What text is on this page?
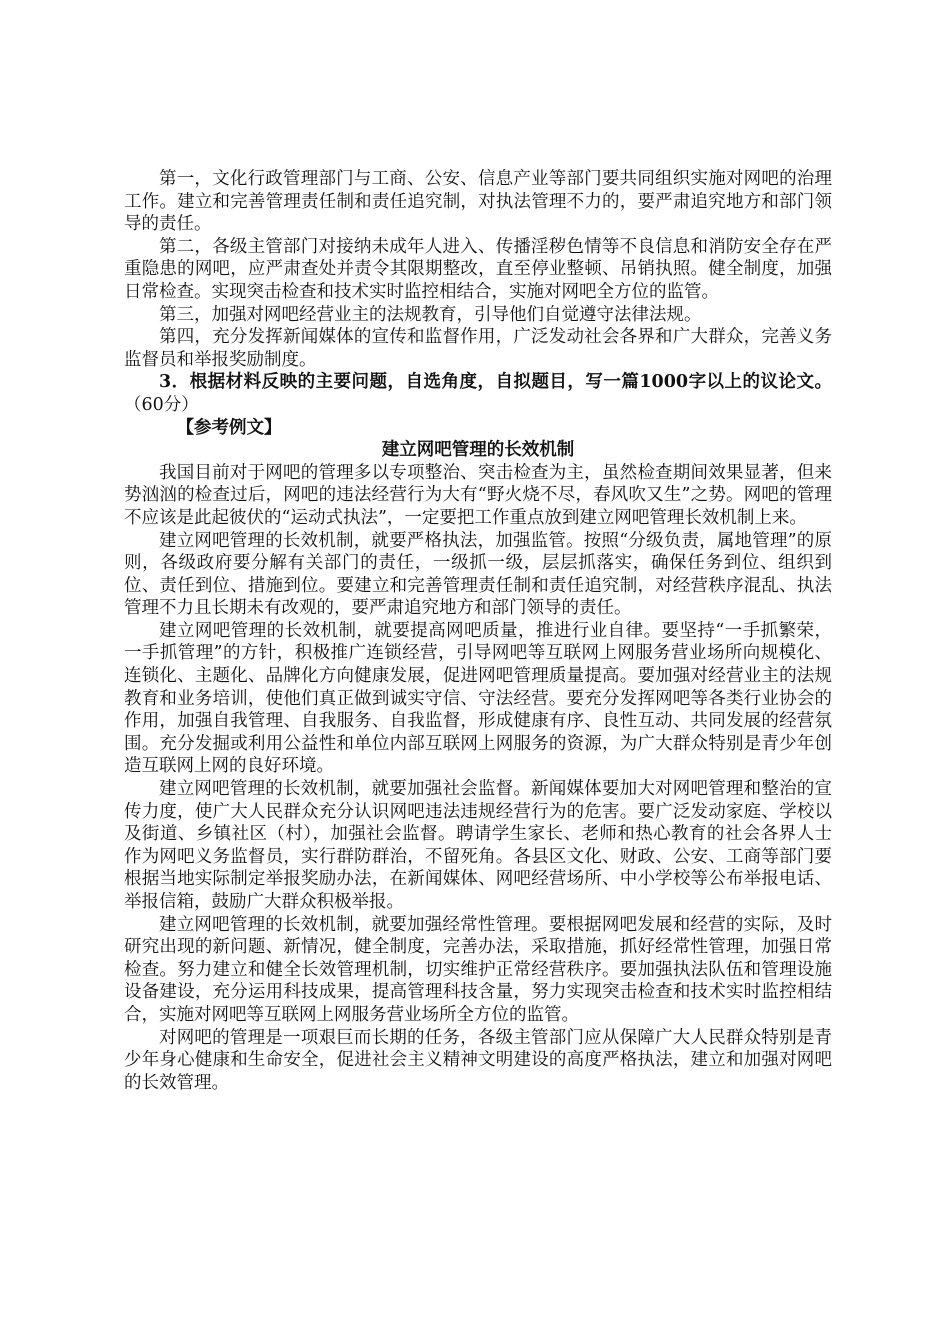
第一，文化行政管理部门与工商、公安、信息产业等部门要共同组织实施对网吧的治理工作。建立和完善管理责任制和责任追究制，对执法管理不力的，要严肃追究地方和部门领导的责任。

第二，各级主管部门对接纳未成年人进入、传播淫秽色情等不良信息和消防安全存在严重隐患的网吧，应严肃查处并责令其限期整改，直至停业整顿、吊销执照。健全制度，加强日常检查。实现突击检查和技术实时监控相结合，实施对网吧全方位的监管。

第三，加强对网吧经营业主的法规教育，引导他们自觉遵守法律法规。

第四，充分发挥新闻媒体的宣传和监督作用，广泛发动社会各界和广大群众，完善义务监督员和举报奖励制度。

3．根据材料反映的主要问题，自选角度，自拟题目，写一篇1000字以上的议论文。（60分）

【参考例文】

建立网吧管理的长效机制

我国目前对于网吧的管理多以专项整治、突击检查为主，虽然检查期间效果显著，但来势汹汹的检查过后，网吧的违法经营行为大有“野火烧不尽，春风吹又生”之势。网吧的管理不应该是此起彼伏的“运动式执法”，一定要把工作重点放到建立网吧管理长效机制上来。

建立网吧管理的长效机制，就要严格执法，加强监管。按照“分级负责，属地管理”的原则，各级政府要分解有关部门的责任，一级抓一级，层层抓落实，确保任务到位、组织到位、责任到位、措施到位。要建立和完善管理责任制和责任追究制，对经营秩序混乱、执法管理不力且长期未有改观的，要严肃追究地方和部门领导的责任。

建立网吧管理的长效机制，就要提高网吧质量，推进行业自律。要坚持“一手抓繁荣，一手抓管理”的方针，积极推广连锁经营，引导网吧等互联网上网服务营业场所向规模化、连锁化、主题化、品牌化方向健康发展，促进网吧管理质量提高。要加强对经营业主的法规教育和业务培训，使他们真正做到诚实守信、守法经营。要充分发挥网吧等各类行业协会的作用，加强自我管理、自我服务、自我监督，形成健康有序、良性互动、共同发展的经营氛围。充分发掘或利用公益性和单位内部互联网上网服务的资源，为广大群众特别是青少年创造互联网上网的良好环境。

建立网吧管理的长效机制，就要加强社会监督。新闻媒体要加大对网吧管理和整治的宣传力度，使广大人民群众充分认识网吧违法违规经营行为的危害。要广泛发动家庭、学校以及街道、乡镇社区（村），加强社会监督。聘请学生家长、老师和热心教育的社会各界人士作为网吧义务监督员，实行群防群治，不留死角。各县区文化、财政、公安、工商等部门要根据当地实际制定举报奖励办法，在新闻媒体、网吧经营场所、中小学校等公布举报电话、举报信箱，鼓励广大群众积极举报。

建立网吧管理的长效机制，就要加强经常性管理。要根据网吧发展和经营的实际，及时研究出现的新问题、新情况，健全制度，完善办法，采取措施，抓好经常性管理，加强日常检查。努力建立和健全长效管理机制，切实维护正常经营秩序。要加强执法队伍和管理设施设备建设，充分运用科技成果，提高管理科技含量，努力实现突击检查和技术实时监控相结合，实施对网吧等互联网上网服务营业场所全方位的监管。

对网吧的管理是一项艰巨而长期的任务，各级主管部门应从保障广大人民群众特别是青少年身心健康和生命安全，促进社会主义精神文明建设的高度严格执法，建立和加强对网吧的长效管理。
